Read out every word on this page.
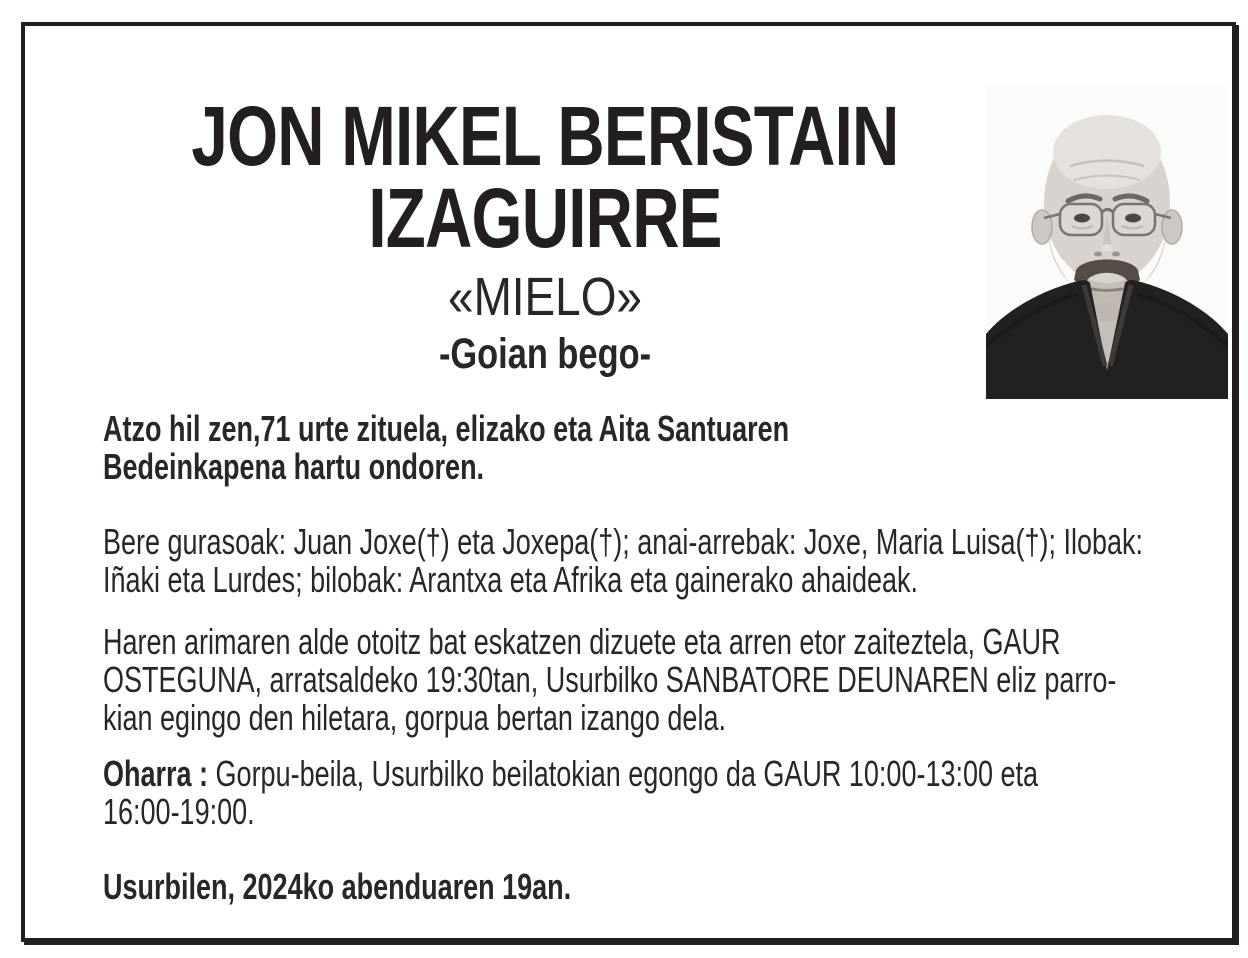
JON MIKEL BERISTAIN
IZAGUIRRE
«MIELO»
-Goian bego-

Atzo hil zen,71 urte zituela, elizako eta Aita Santuaren
Bedeinkapena hartu ondoren.

Bere gurasoak: Juan Joxe(†) eta Joxepa(†); anai-arrebak: Joxe, Maria Luisa(†); Ilobak:
Iñaki eta Lurdes; bilobak: Arantxa eta Afrika eta gainerako ahaideak.

Haren arimaren alde otoitz bat eskatzen dizuete eta arren etor zaiteztela, GAUR
OSTEGUNA, arratsaldeko 19:30tan, Usurbilko SANBATORE DEUNAREN eliz parro-
kian egingo den hiletara, gorpua bertan izango dela.

Oharra : Gorpu-beila, Usurbilko beilatokian egongo da GAUR 10:00-13:00 eta
16:00-19:00.

Usurbilen, 2024ko abenduaren 19an.
